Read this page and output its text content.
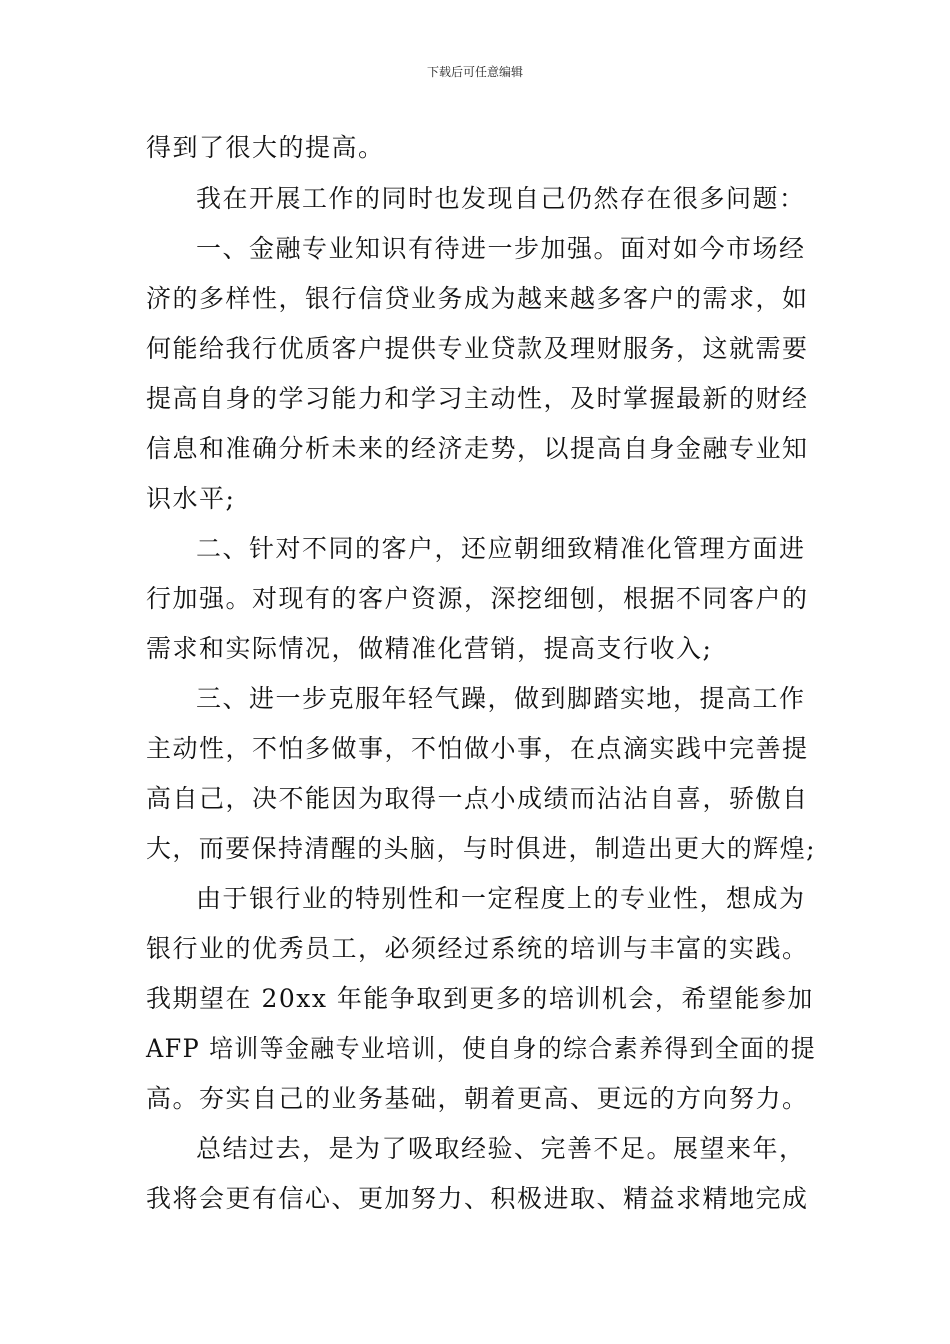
下载后可任意编辑

得到了很大的提高。

我在开展工作的同时也发现自己仍然存在很多问题：

一、金融专业知识有待进一步加强。面对如今市场经

济的多样性，银行信贷业务成为越来越多客户的需求，如

何能给我行优质客户提供专业贷款及理财服务，这就需要

提高自身的学习能力和学习主动性，及时掌握最新的财经

信息和准确分析未来的经济走势，以提高自身金融专业知

识水平;

二、针对不同的客户，还应朝细致精准化管理方面进

行加强。对现有的客户资源，深挖细刨，根据不同客户的

需求和实际情况，做精准化营销，提高支行收入;

三、进一步克服年轻气躁，做到脚踏实地，提高工作

主动性，不怕多做事，不怕做小事，在点滴实践中完善提

高自己，决不能因为取得一点小成绩而沾沾自喜，骄傲自

大，而要保持清醒的头脑，与时俱进，制造出更大的辉煌;

由于银行业的特别性和一定程度上的专业性，想成为

银行业的优秀员工，必须经过系统的培训与丰富的实践。

我期望在 20xx 年能争取到更多的培训机会，希望能参加

AFP 培训等金融专业培训，使自身的综合素养得到全面的提

高。夯实自己的业务基础，朝着更高、更远的方向努力。

总结过去，是为了吸取经验、完善不足。展望来年，

我将会更有信心、更加努力、积极进取、精益求精地完成
